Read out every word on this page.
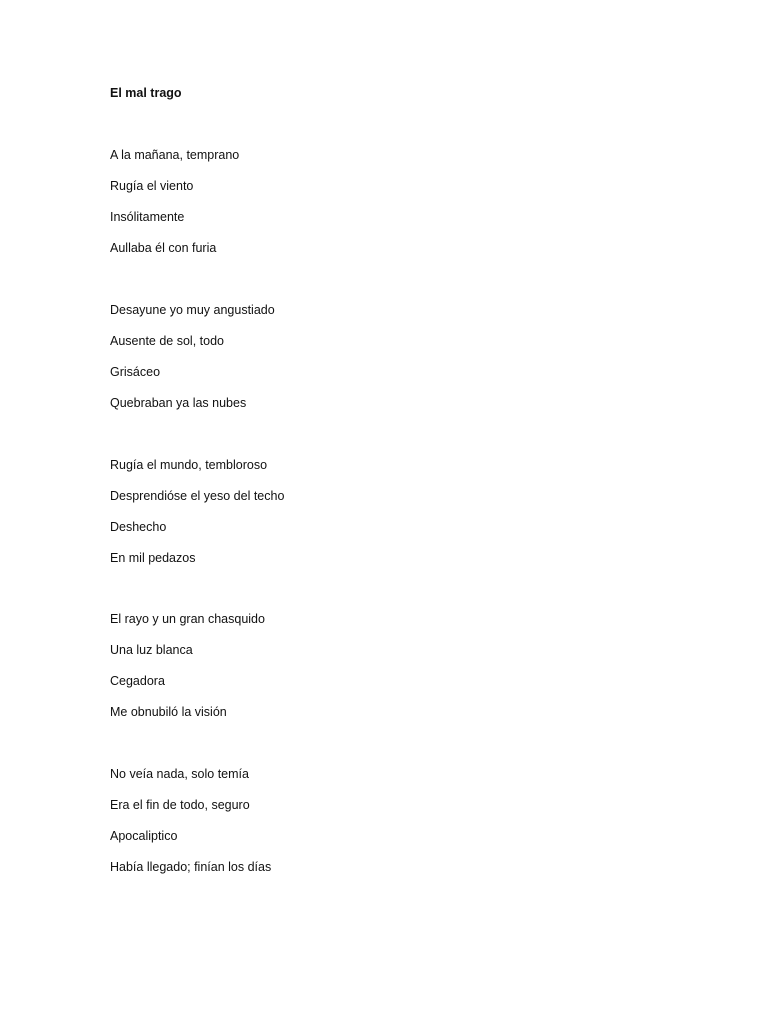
El mal trago
A la mañana, temprano
Rugía el viento
Insólitamente
Aullaba él con furia
Desayune yo muy angustiado
Ausente de sol, todo
Grisáceo
Quebraban ya las nubes
Rugía el mundo, tembloroso
Desprendióse el yeso del techo
Deshecho
En mil pedazos
El rayo y un gran chasquido
Una luz blanca
Cegadora
Me obnubiló la visión
No veía nada, solo temía
Era el fin de todo, seguro
Apocaliptico
Había llegado; finían los días
